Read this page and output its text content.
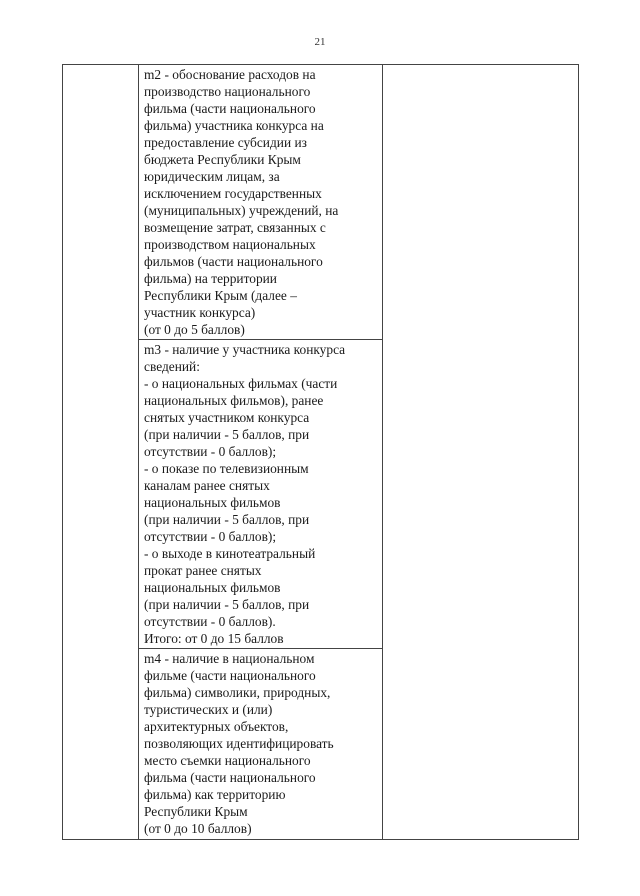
21

m2 - обоснование расходов на
производство национального
фильма (части национального
фильма) участника конкурса на
предоставление субсидии из
бюджета Республики Крым
юридическим лицам, за
исключением государственных
(муниципальных) учреждений, на
возмещение затрат, связанных с
производством национальных
фильмов (части национального
фильма) на территории
Республики Крым (далее –
участник конкурса)
(от 0 до 5 баллов)

m3 - наличие у участника конкурса
сведений:
- о национальных фильмах (части
национальных фильмов), ранее
снятых участником конкурса
(при наличии - 5 баллов, при
отсутствии - 0 баллов);
- о показе по телевизионным
каналам ранее снятых
национальных фильмов
(при наличии - 5 баллов, при
отсутствии - 0 баллов);
- о выходе в кинотеатральный
прокат ранее снятых
национальных фильмов
(при наличии - 5 баллов, при
отсутствии - 0 баллов).
Итого: от 0 до 15 баллов

m4 - наличие в национальном
фильме (части национального
фильма) символики, природных,
туристических и (или)
архитектурных объектов,
позволяющих идентифицировать
место съемки национального
фильма (части национального
фильма) как территорию
Республики Крым
(от 0 до 10 баллов)
